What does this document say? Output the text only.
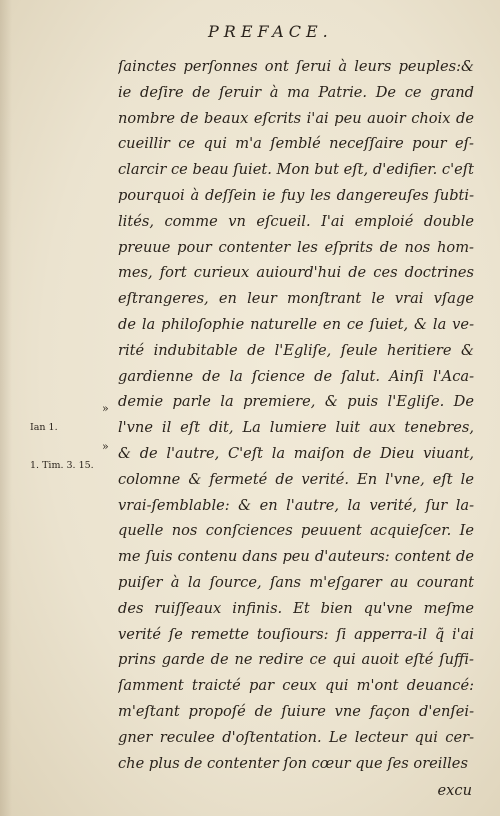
PREFACE.
ſainctes perſonnes ont ſerui à leurs peuples:&
ie deſire de ſeruir à ma Patrie. De ce grand
nombre de beaux eſcrits i'ai peu auoir choix de
cueillir ce qui m'a ſemblé neceſſaire pour eſ-
clarcir ce beau ſuiet. Mon but eſt, d'edifier. c'eſt
pourquoi à deſſein ie fuy les dangereuſes ſubti-
lités, comme vn eſcueil. I'ai emploié double
preuue pour contenter les eſprits de nos hom-
mes, fort curieux auiourd'hui de ces doctrines
eſtrangeres, en leur monſtrant le vrai vſage
de la philoſophie naturelle en ce ſuiet, & la ve-
rité indubitable de l'Egliſe, ſeule heritiere &
gardienne de la ſcience de ſalut. Ainſi l'Aca-
demie parle la premiere, & puis l'Egliſe. De
l'vne il eſt dit, La lumiere luit aux tenebres,
& de l'autre, C'eſt la maiſon de Dieu viuant,
colomne & fermeté de verité. En l'vne, eſt le
vrai-ſemblable: & en l'autre, la verité, ſur la-
quelle nos conſciences peuuent acquieſcer. Ie
me ſuis contenu dans peu d'auteurs: content de
puiſer à la ſource, ſans m'eſgarer au courant
des ruiſſeaux infinis. Et bien qu'vne meſme
verité ſe remette touſiours: ſi apperra-il q̃ i'ai
prins garde de ne redire ce qui auoit eſté ſuffi-
ſamment traicté par ceux qui m'ont deuancé:
m'eſtant propoſé de ſuiure vne façon d'enſei-
gner reculee d'oſtentation. Le lecteur qui cer-
che plus de contenter ſon cœur que ſes oreilles
»
»
Ian 1.
1. Tim. 3. 15.
excu
